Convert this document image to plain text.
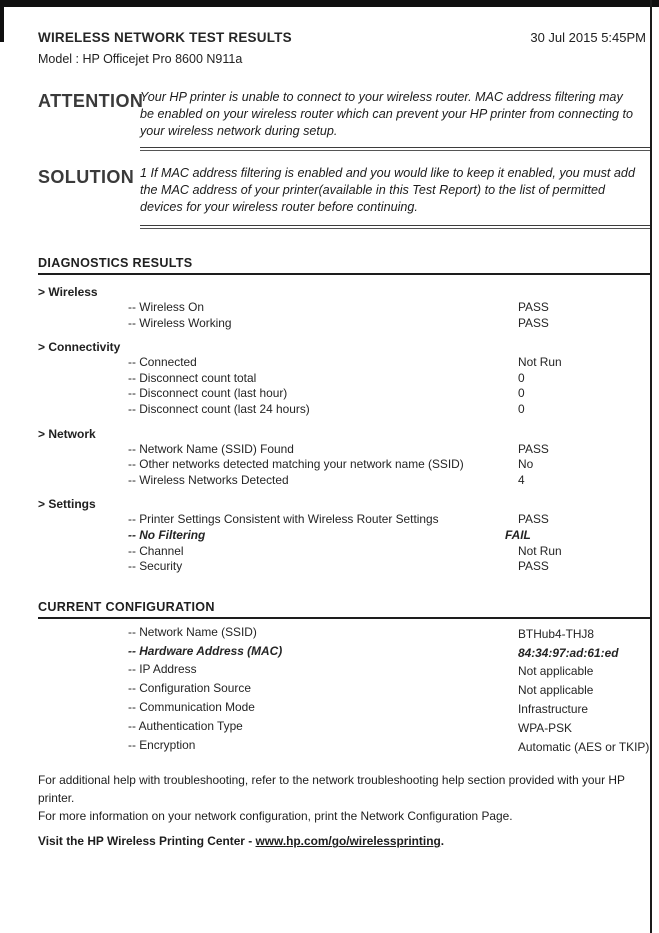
WIRELESS NETWORK TEST RESULTS	30 Jul 2015 5:45PM
Model : HP Officejet Pro 8600 N911a
ATTENTION
Your HP printer is unable to connect to your wireless router. MAC address filtering may be enabled on your wireless router which can prevent your HP printer from connecting to your wireless network during setup.
SOLUTION 1 If MAC address filtering is enabled and you would like to keep it enabled, you must add the MAC address of your printer(available in this Test Report) to the list of permitted devices for your wireless router before continuing.
DIAGNOSTICS RESULTS
> Wireless
-- Wireless On	PASS
-- Wireless Working	PASS
> Connectivity
-- Connected	Not Run
-- Disconnect count total	0
-- Disconnect count (last hour)	0
-- Disconnect count (last 24 hours)	0
> Network
-- Network Name (SSID) Found	PASS
-- Other networks detected matching your network name (SSID)	No
-- Wireless Networks Detected	4
> Settings
-- Printer Settings Consistent with Wireless Router Settings	PASS
-- No Filtering	FAIL
-- Channel	Not Run
-- Security	PASS
CURRENT CONFIGURATION
-- Network Name (SSID)	BTHub4-THJ8
-- Hardware Address (MAC)	84:34:97:ad:61:ed
-- IP Address	Not applicable
-- Configuration Source	Not applicable
-- Communication Mode	Infrastructure
-- Authentication Type	WPA-PSK
-- Encryption	Automatic (AES or TKIP)
For additional help with troubleshooting, refer to the network troubleshooting help section provided with your HP printer.
For more information on your network configuration, print the Network Configuration Page.
Visit the HP Wireless Printing Center - www.hp.com/go/wirelessprinting.
